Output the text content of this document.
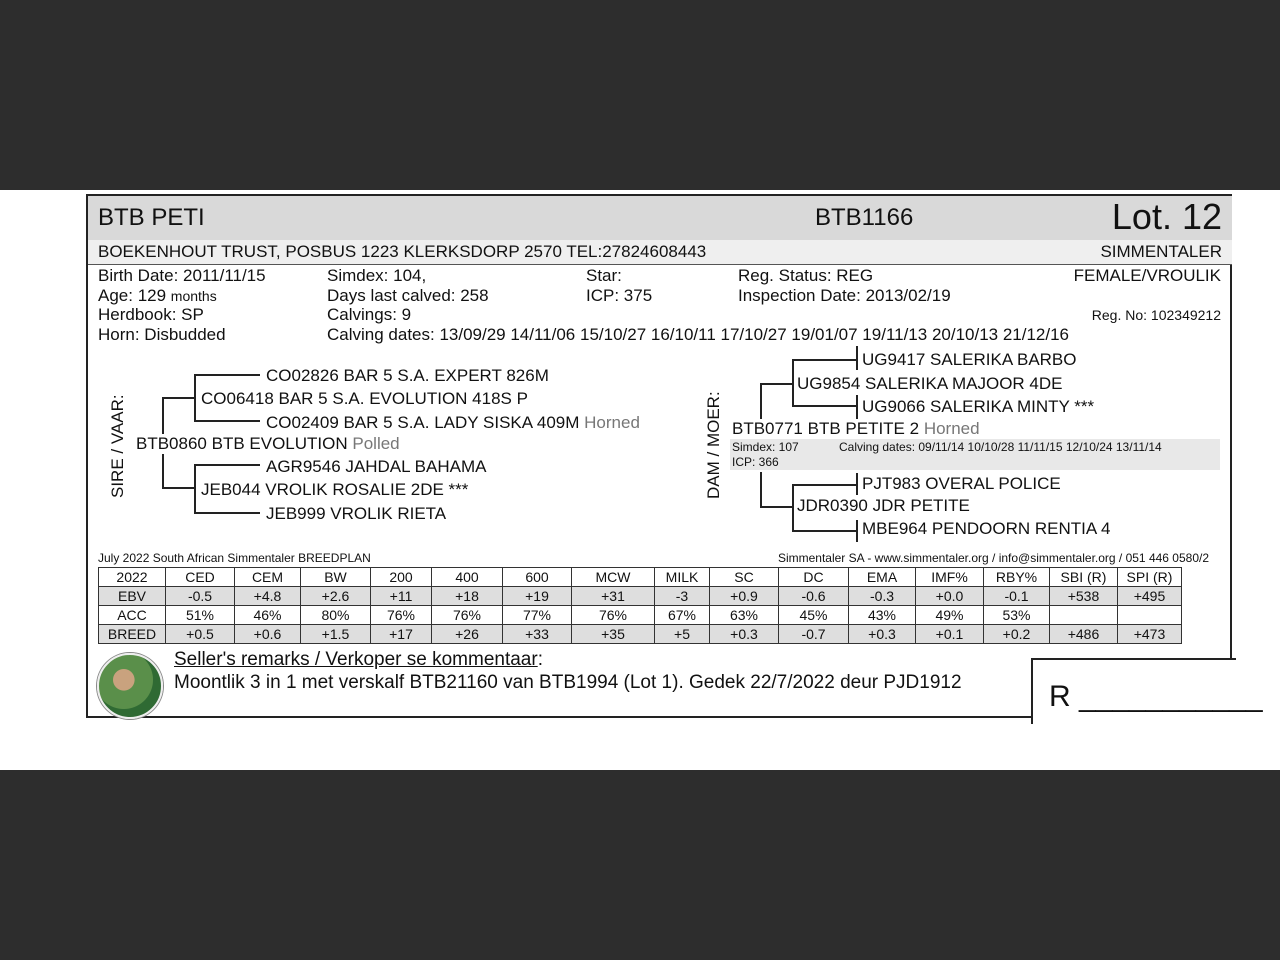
BTB PETI	BTB1166	Lot. 12
BOEKENHOUT TRUST, POSBUS 1223 KLERKSDORP 2570 TEL:27824608443	SIMMENTALER
Birth Date: 2011/11/15
Age: 129 months
Herdbook: SP
Horn: Disbudded
Simdex: 104,
Days last calved: 258
Calvings: 9
Calving dates: 13/09/29 14/11/06 15/10/27 16/10/11 17/10/27 19/01/07 19/11/13 20/10/13 21/12/16
Star:
ICP: 375
Reg. Status: REG
Inspection Date: 2013/02/19
FEMALE/VROULIK
Reg. No: 102349212
SIRE / VAAR:
CO02826 BAR 5 S.A. EXPERT 826M
CO06418 BAR 5 S.A. EVOLUTION 418S P
CO02409 BAR 5 S.A. LADY SISKA 409M Horned
BTB0860 BTB EVOLUTION Polled
AGR9546 JAHDAL BAHAMA
JEB044 VROLIK ROSALIE 2DE ***
JEB999 VROLIK RIETA
DAM / MOER:
UG9417 SALERIKA BARBO
UG9854 SALERIKA MAJOOR 4DE
UG9066 SALERIKA MINTY ***
BTB0771 BTB PETITE 2 Horned
Simdex: 107	Calving dates: 09/11/14 10/10/28 11/11/15 12/10/24 13/11/14
ICP: 366
PJT983 OVERAL POLICE
JDR0390 JDR PETITE
MBE964 PENDOORN RENTIA 4
July 2022 South African Simmentaler BREEDPLAN	Simmentaler SA - www.simmentaler.org / info@simmentaler.org / 051 446 0580/2
2022	CED	CEM	BW	200	400	600	MCW	MILK	SC	DC	EMA	IMF%	RBY%	SBI (R)	SPI (R)
EBV	-0.5	+4.8	+2.6	+11	+18	+19	+31	-3	+0.9	-0.6	-0.3	+0.0	-0.1	+538	+495
ACC	51%	46%	80%	76%	76%	77%	76%	67%	63%	45%	43%	49%	53%		
BREED	+0.5	+0.6	+1.5	+17	+26	+33	+35	+5	+0.3	-0.7	+0.3	+0.1	+0.2	+486	+473
Seller's remarks / Verkoper se kommentaar:
Moontlik 3 in 1 met verskalf BTB21160 van BTB1994 (Lot 1). Gedek 22/7/2022 deur PJD1912	R ___________
